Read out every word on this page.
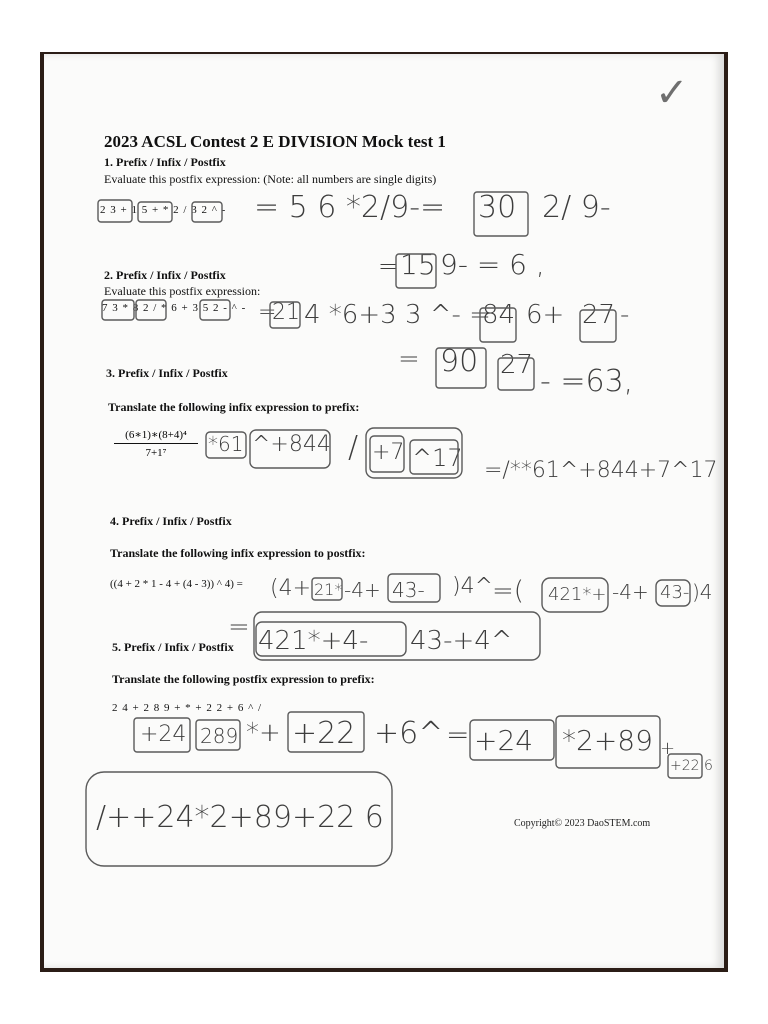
✓
2023 ACSL Contest 2 E DIVISION Mock test 1
1. Prefix / Infix / Postfix
Evaluate this postfix expression: (Note: all numbers are single digits)
2 3 + 1 5 + * 2 / 3 2 ^ - = 5 6 *2/9-= 30 2/ 9-
= 15 9- = 6 ,
2. Prefix / Infix / Postfix
Evaluate this postfix expression:
7 3 * 8 2 / * 6 + 3 5 2 - ^ - =
21 4 *6+3 3 ^- =
84 6+ 27 -
= 90 27 - =63,
3. Prefix / Infix / Postfix
Translate the following infix expression to prefix:
$\frac{\text{(6∗1)∗(8+4)⁴}}{\text{7+1⁷}} *61$ ^+844 / +7 ^17 =/**61^+844+7^17
4. Prefix / Infix / Postfix
Translate the following infix expression to postfix:
((4 + 2 * 1 - 4 + (4 - 3)) ^ 4) = (4+ 21* -4+ 43- )4^
=( 421*+ -4+ 43- )4
= 421*+4- 43-+4^
5. Prefix / Infix / Postfix
Translate the following postfix expression to prefix:
2 4 + 2 8 9 + * + 2 2 + 6 ^ /
+24 289 *+ +22 +6^ = +24 *2+89 +
+22 6
/++24*2+89+22 6	Copyright© 2023 DaoSTEM.com
